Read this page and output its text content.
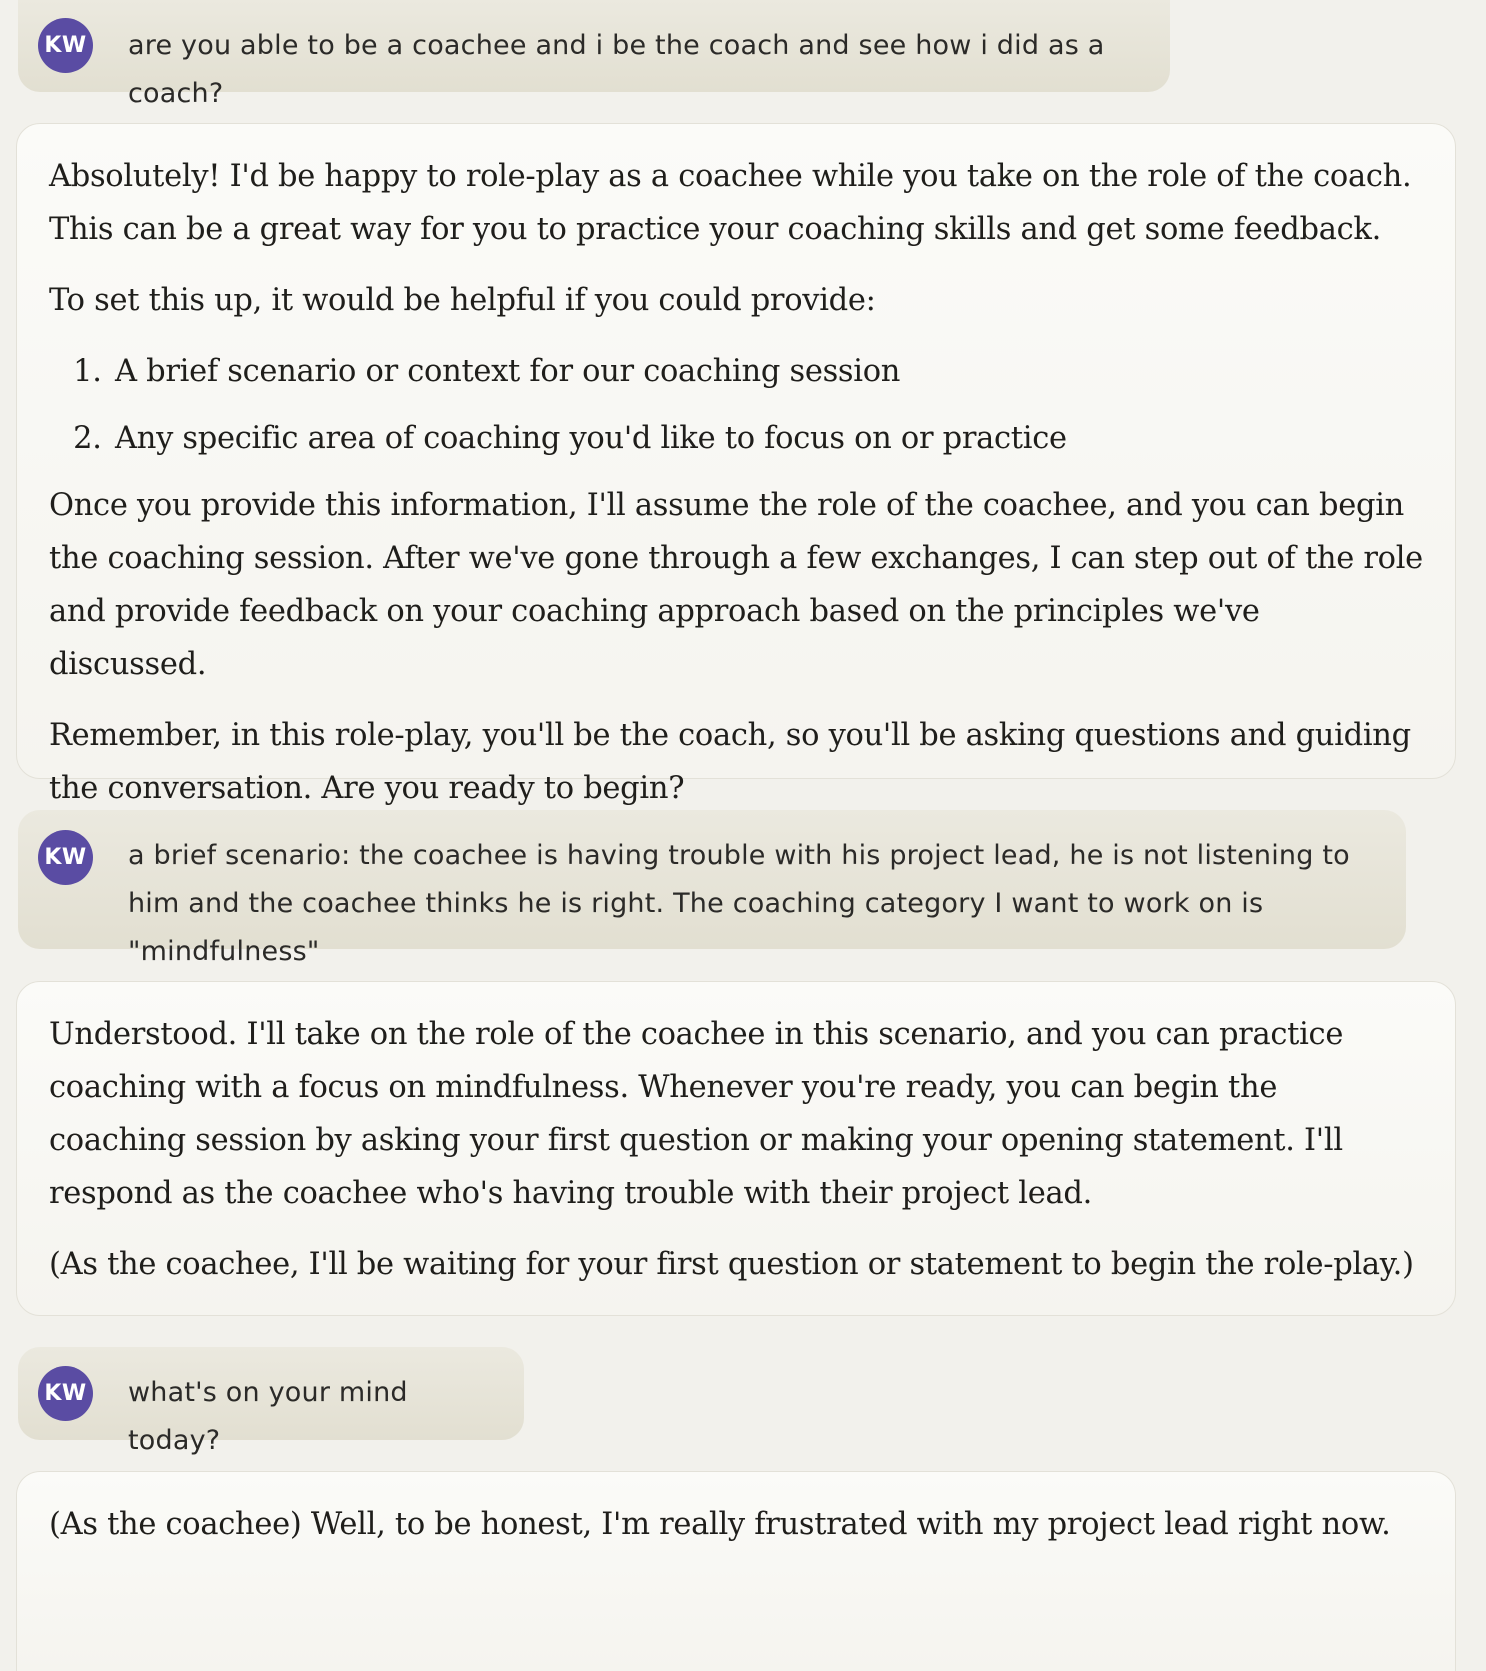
KW are you able to be a coachee and i be the coach and see how i did as a coach?

Absolutely! I'd be happy to role-play as a coachee while you take on the role of the coach. This can be a great way for you to practice your coaching skills and get some feedback.

To set this up, it would be helpful if you could provide:

1. A brief scenario or context for our coaching session
2. Any specific area of coaching you'd like to focus on or practice

Once you provide this information, I'll assume the role of the coachee, and you can begin the coaching session. After we've gone through a few exchanges, I can step out of the role and provide feedback on your coaching approach based on the principles we've discussed.

Remember, in this role-play, you'll be the coach, so you'll be asking questions and guiding the conversation. Are you ready to begin?

KW a brief scenario: the coachee is having trouble with his project lead, he is not listening to him and the coachee thinks he is right. The coaching category I want to work on is "mindfulness"

Understood. I'll take on the role of the coachee in this scenario, and you can practice coaching with a focus on mindfulness. Whenever you're ready, you can begin the coaching session by asking your first question or making your opening statement. I'll respond as the coachee who's having trouble with their project lead.

(As the coachee, I'll be waiting for your first question or statement to begin the role-play.)

KW what's on your mind today?

(As the coachee) Well, to be honest, I'm really frustrated with my project lead right now.
